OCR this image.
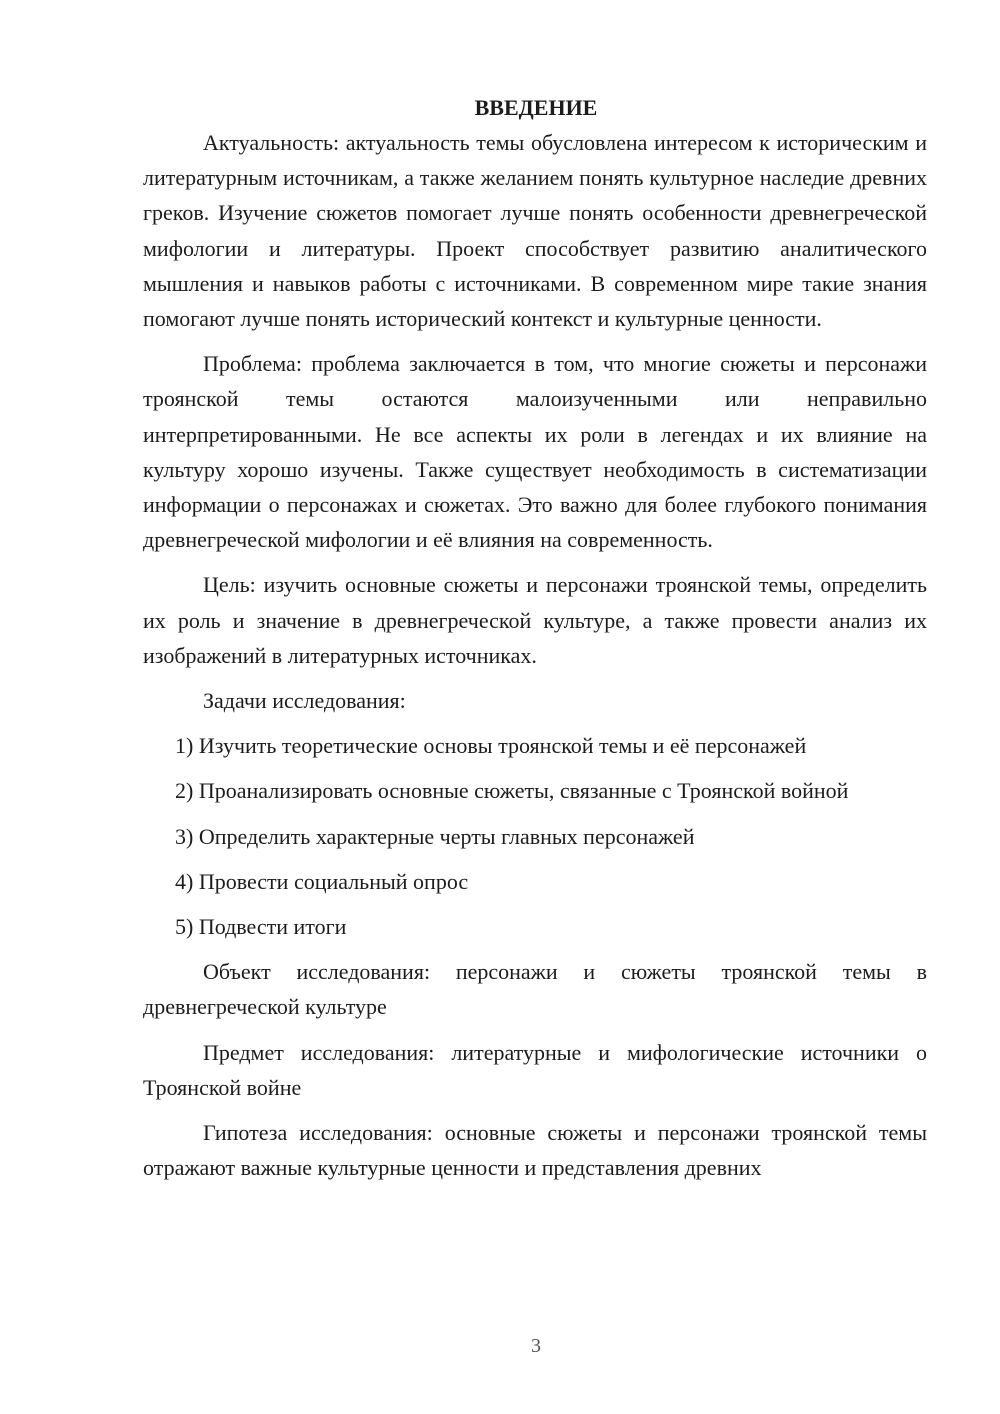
ВВЕДЕНИЕ

Актуальность: актуальность темы обусловлена интересом к историческим и литературным источникам, а также желанием понять культурное наследие древних греков. Изучение сюжетов помогает лучше понять особенности древнегреческой мифологии и литературы. Проект способствует развитию аналитического мышления и навыков работы с источниками. В современном мире такие знания помогают лучше понять исторический контекст и культурные ценности.

Проблема: проблема заключается в том, что многие сюжеты и персонажи троянской темы остаются малоизученными или неправильно интерпретированными. Не все аспекты их роли в легендах и их влияние на культуру хорошо изучены. Также существует необходимость в систематизации информации о персонажах и сюжетах. Это важно для более глубокого понимания древнегреческой мифологии и её влияния на современность.

Цель: изучить основные сюжеты и персонажи троянской темы, определить их роль и значение в древнегреческой культуре, а также провести анализ их изображений в литературных источниках.

Задачи исследования:

1) Изучить теоретические основы троянской темы и её персонажей

2) Проанализировать основные сюжеты, связанные с Троянской войной

3) Определить характерные черты главных персонажей

4) Провести социальный опрос

5) Подвести итоги

Объект исследования: персонажи и сюжеты троянской темы в древнегреческой культуре

Предмет исследования: литературные и мифологические источники о Троянской войне

Гипотеза исследования: основные сюжеты и персонажи троянской темы отражают важные культурные ценности и представления древних

3
